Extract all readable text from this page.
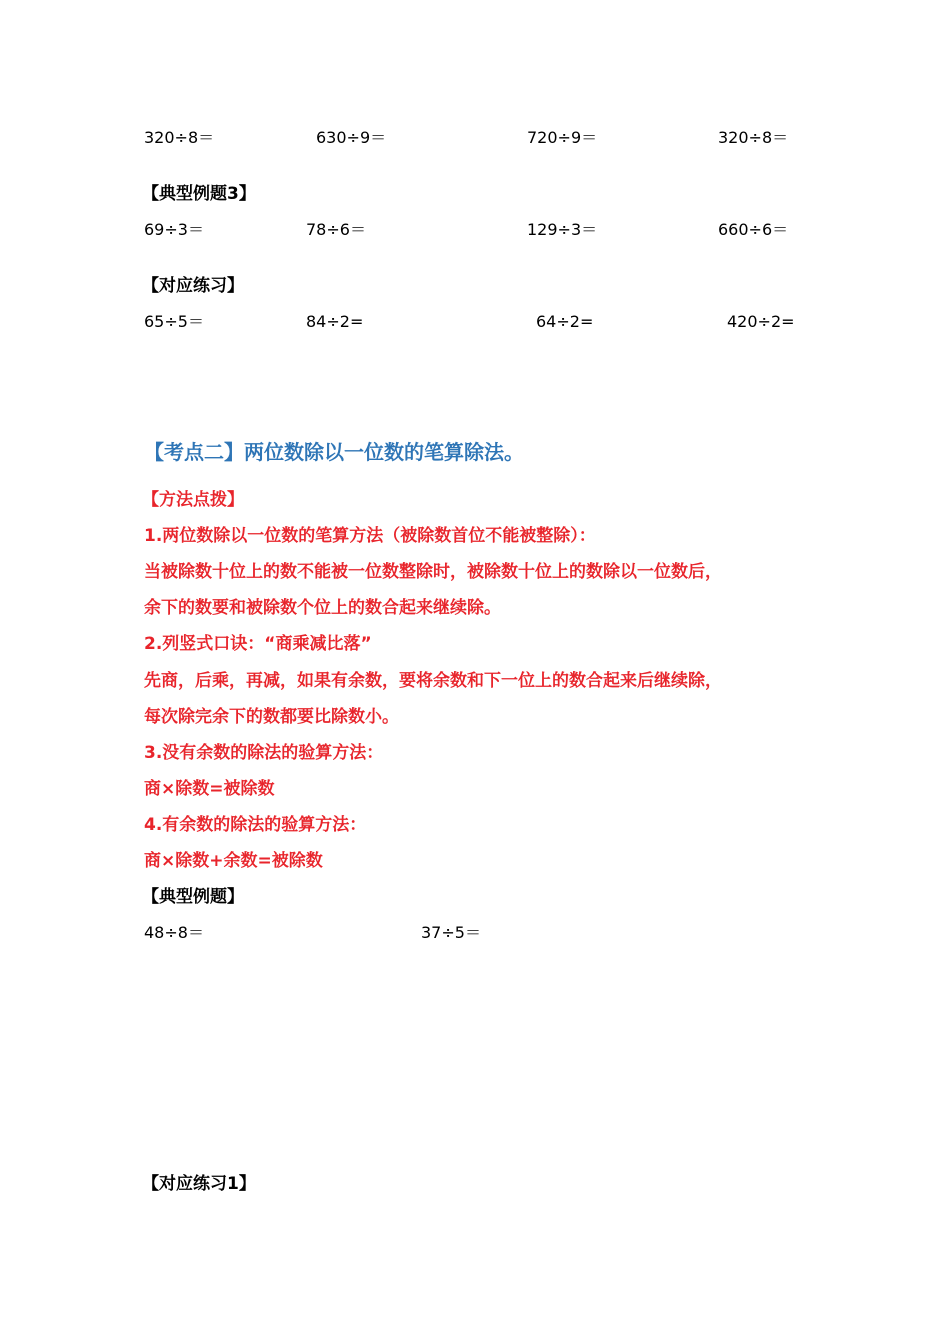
320÷8＝	630÷9＝	720÷9＝	320÷8＝
【典型例题3】
69÷3＝	78÷6＝	129÷3＝	660÷6＝
【对应练习】
65÷5＝	84÷2=	64÷2=	420÷2=
【考点二】两位数除以一位数的笔算除法。
【方法点拨】
1.两位数除以一位数的笔算方法（被除数首位不能被整除）：
当被除数十位上的数不能被一位数整除时，被除数十位上的数除以一位数后，
余下的数要和被除数个位上的数合起来继续除。
2.列竖式口诀：“商乘减比落”
先商，后乘，再减，如果有余数，要将余数和下一位上的数合起来后继续除，
每次除完余下的数都要比除数小。
3.没有余数的除法的验算方法：
商×除数=被除数
4.有余数的除法的验算方法：
商×除数+余数=被除数
【典型例题】
48÷8＝	37÷5＝
【对应练习1】
